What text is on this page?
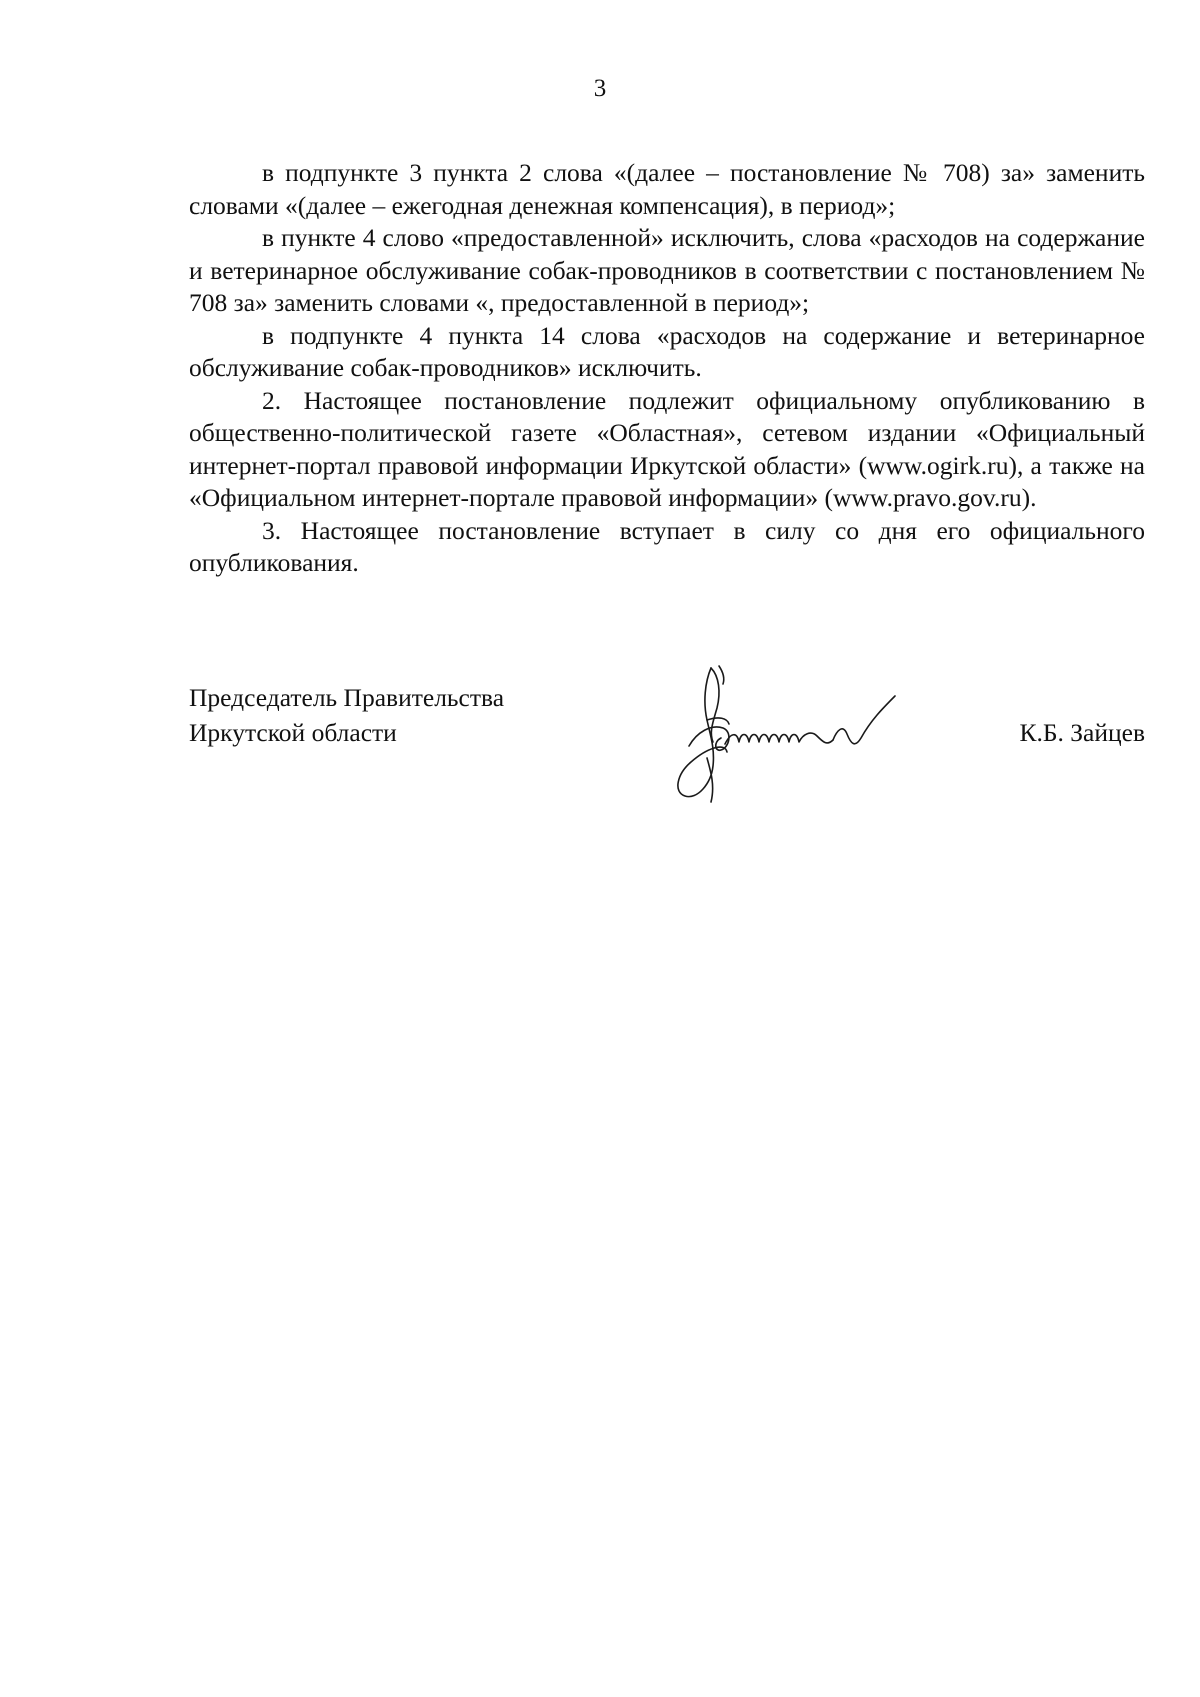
3

в подпункте 3 пункта 2 слова «(далее – постановление № 708) за» заменить словами «(далее – ежегодная денежная компенсация), в период»;

в пункте 4 слово «предоставленной» исключить, слова «расходов на содержание и ветеринарное обслуживание собак-проводников в соответствии с постановлением № 708 за» заменить словами «, предоставленной в период»;

в подпункте 4 пункта 14 слова «расходов на содержание и ветеринарное обслуживание собак-проводников» исключить.

2. Настоящее постановление подлежит официальному опубликованию в общественно-политической газете «Областная», сетевом издании «Официальный интернет-портал правовой информации Иркутской области» (www.ogirk.ru), а также на «Официальном интернет-портале правовой информации» (www.pravo.gov.ru).

3. Настоящее постановление вступает в силу со дня его официального опубликования.

Председатель Правительства
Иркутской области	К.Б. Зайцев
